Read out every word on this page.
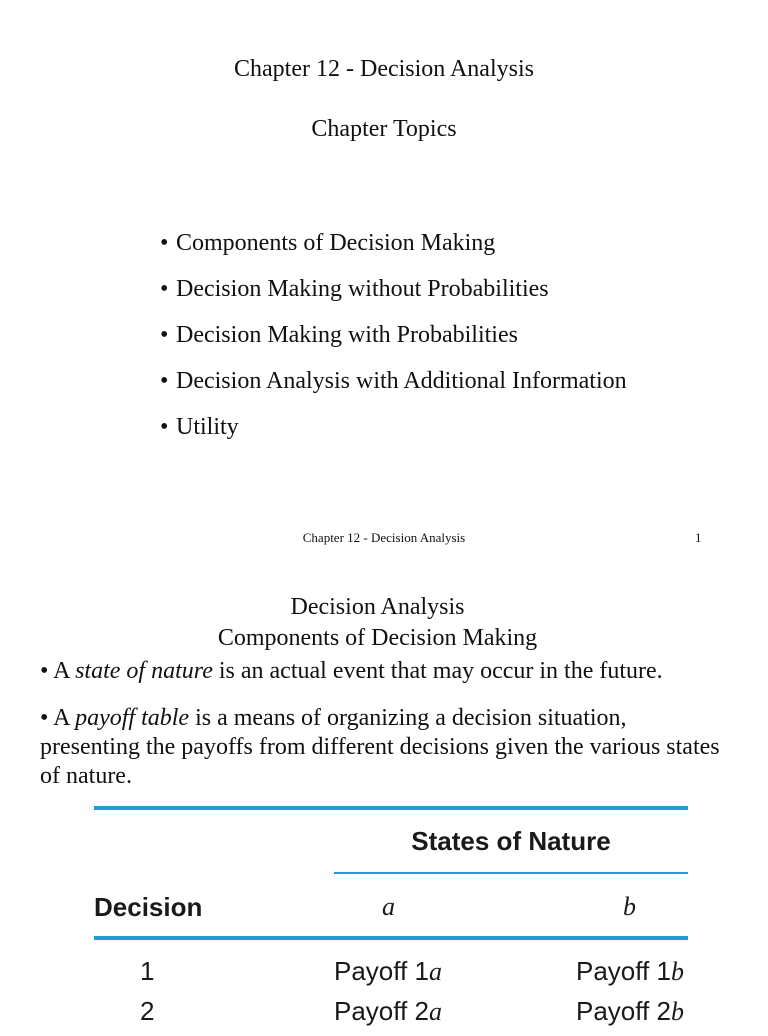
Chapter 12 - Decision Analysis
Chapter Topics
• Components of Decision Making
• Decision Making without Probabilities
• Decision Making with Probabilities
• Decision Analysis with Additional Information
• Utility
Chapter 12 - Decision Analysis	1
Decision Analysis
Components of Decision Making
• A state of nature is an actual event that may occur in the future.
• A payoff table is a means of organizing a decision situation, presenting the payoffs from different decisions given the various states of nature.
States of Nature
Decision	a	b
1	Payoff 1a	Payoff 1b
2	Payoff 2a	Payoff 2b
